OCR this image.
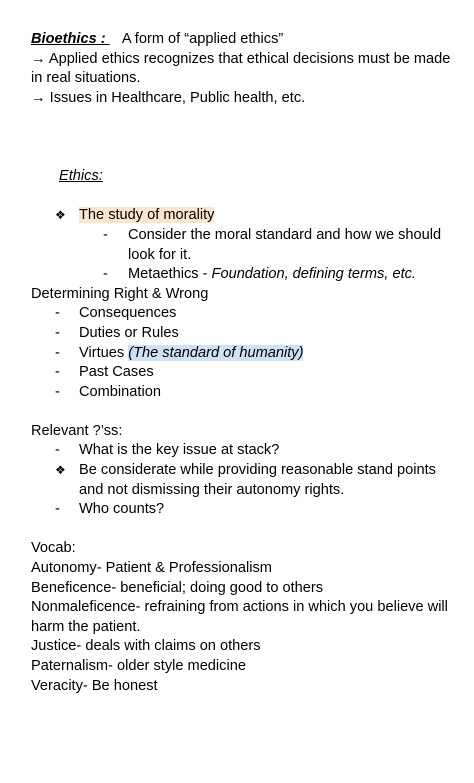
Bioethics :    A form of “applied ethics”
→ Applied ethics recognizes that ethical decisions must be made in real situations.
→ Issues in Healthcare, Public health, etc.
Ethics:
❖ The study of morality
-	Consider the moral standard and how we should look for it.
-	Metaethics - Foundation, defining terms, etc.
Determining Right & Wrong
-	Consequences
-	Duties or Rules
-	Virtues (The standard of humanity)
-	Past Cases
-	Combination
Relevant ?’ss:
-	What is the key issue at stack?
❖ Be considerate while providing reasonable stand points and not dismissing their autonomy rights.
-	Who counts?
Vocab:
Autonomy- Patient & Professionalism
Beneficence- beneficial; doing good to others
Nonmaleficence- refraining from actions in which you believe will harm the patient.
Justice- deals with claims on others
Paternalism- older style medicine
Veracity- Be honest
